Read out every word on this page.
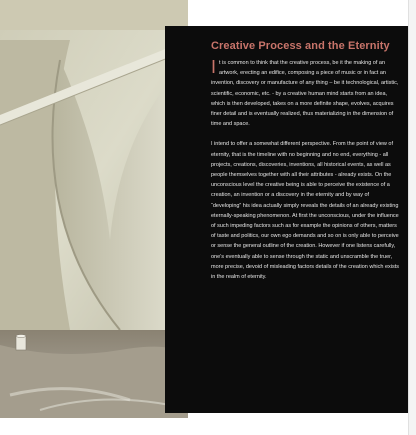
Creative Process and the Eternity

It is common to think that the creative process, be it the making of an artwork, erecting an edifice, composing a piece of music or in fact an invention, discovery or manufacture of any thing – be it technological, artistic, scientific, economic, etc. - by a creative human mind starts from an idea, which is then developed, takes on a more definite shape, evolves, acquires finer detail and is eventually realized, thus materializing in the dimension of time and space.

I intend to offer a somewhat different perspective. From the point of view of eternity, that is the timeline with no beginning and no end, everything - all projects, creations, discoveries, inventions, all historical events, as well as people themselves together with all their attributes - already exists. On the unconscious level the creative being is able to perceive the existence of a creation, an invention or a discovery in the eternity and by way of “developing” his idea actually simply reveals the details of an already existing eternally-speaking phenomenon. At first the unconscious, under the influence of such impeding factors such as for example the opinions of others, matters of taste and politics, our own ego demands and so on is only able to perceive or sense the general outline of the creation. However if one listens carefully, one’s eventually able to sense through the static and unscramble the truer, more precise, devoid of misleading factors details of the creation which exists in the realm of eternity.
